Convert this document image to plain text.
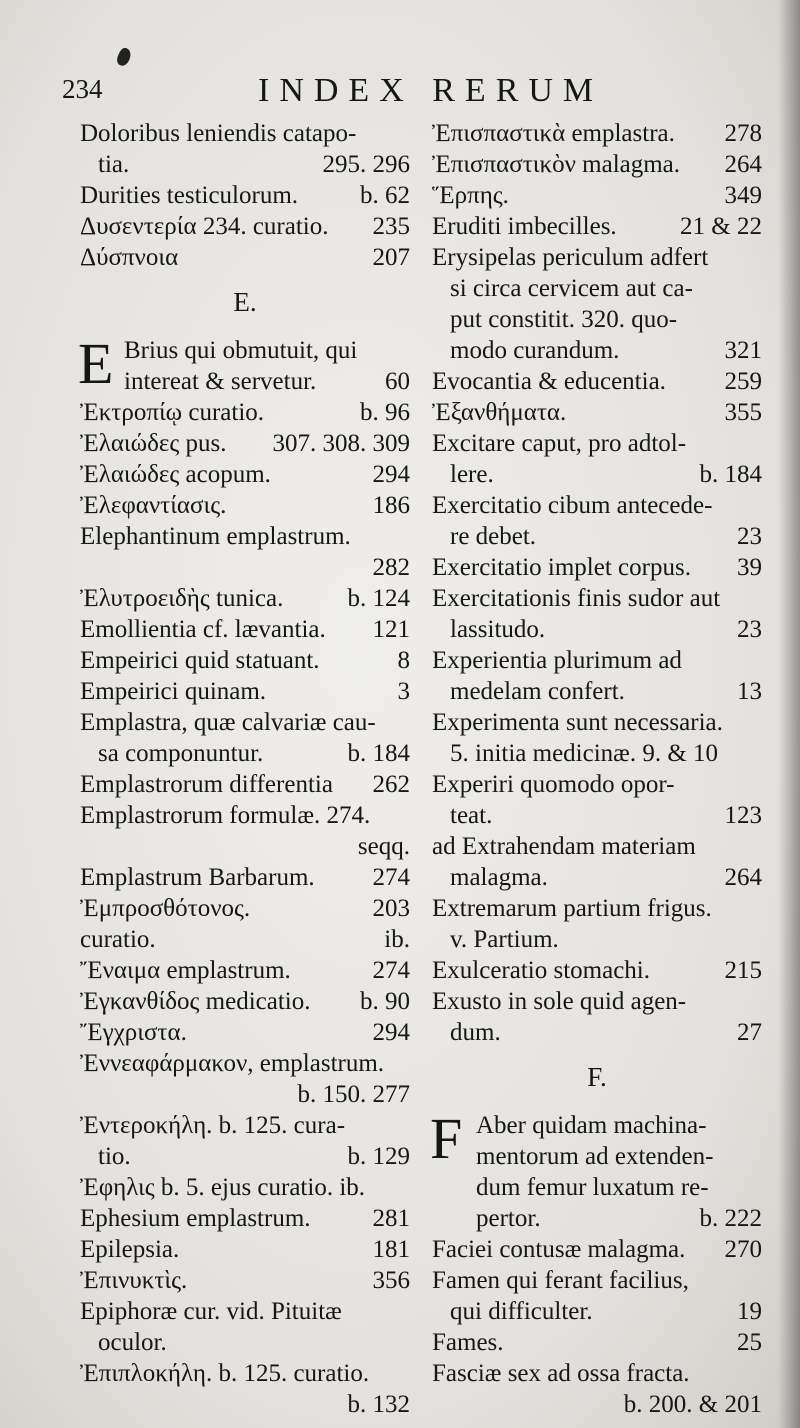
234	INDEX RERUM
Doloribus leniendis catapo-
tia.	295. 296
Durities testiculorum.	b. 62
Δυσεντερία 234. curatio.	235
Δύσπνοια	207
E.
E Brius qui obmutuit, qui
intereat & servetur.	60
Ἐκτροπίῳ curatio.	b. 96
Ἐλαιώδες pus.	307. 308. 309
Ἐλαιώδες acopum.	294
Ἐλεφαντίασις.	186
Elephantinum emplastrum.

282
Ἐλυτροειδὴς tunica.	b. 124
Emollientia cf. lævantia.	121
Empeirici quid statuant.	8
Empeirici quinam.	3
Emplastra, quæ calvariæ cau-
sa componuntur.	b. 184
Emplastrorum differentia	262
Emplastrorum formulæ. 274.

seqq.
Emplastrum Barbarum.	274
Ἐμπροσθότονος.	203
curatio.	ib.
Ἔναιμα emplastrum.	274
Ἐγκανθίδος medicatio.	b. 90
Ἔγχριστα.	294
Ἐννεαφάρμακον, emplastrum.

b. 150. 277
Ἐντεροκήλη. b. 125. cura-
tio.	b. 129
Ἐφηλις b. 5. ejus curatio. ib.
Ephesium emplastrum.	281
Epilepsia.	181
Ἐπινυκτὶς.	356
Epiphoræ cur. vid. Pituitæ
oculor.
Ἐπιπλοκήλη. b. 125. curatio.

b. 132
Ἐπισπαστικὰ emplastra.	278
Ἐπισπαστικὸν malagma.	264
Ἕρπης.	349
Eruditi imbecilles.	21 & 22
Erysipelas periculum adfert
si circa cervicem aut ca-
put constitit. 320. quo-
modo curandum.	321
Evocantia & educentia.	259
Ἐξανθήματα.	355
Excitare caput, pro adtol-
lere.	b. 184
Exercitatio cibum antecede-
re debet.	23
Exercitatio implet corpus.	39
Exercitationis finis sudor aut
lassitudo.	23
Experientia plurimum ad
medelam confert.	13
Experimenta sunt necessaria.
5. initia medicinæ. 9. & 10
Experiri quomodo opor-
teat.	123
ad Extrahendam materiam
malagma.	264
Extremarum partium frigus.
v. Partium.
Exulceratio stomachi.	215
Exusto in sole quid agen-
dum.	27
F.
F Aber quidam machina-
mentorum ad extenden-
dum femur luxatum re-
pertor.	b. 222
Faciei contusæ malagma.	270
Famen qui ferant facilius,
qui difficulter.	19
Fames.	25
Fasciæ sex ad ossa fracta.

b. 200. & 201
